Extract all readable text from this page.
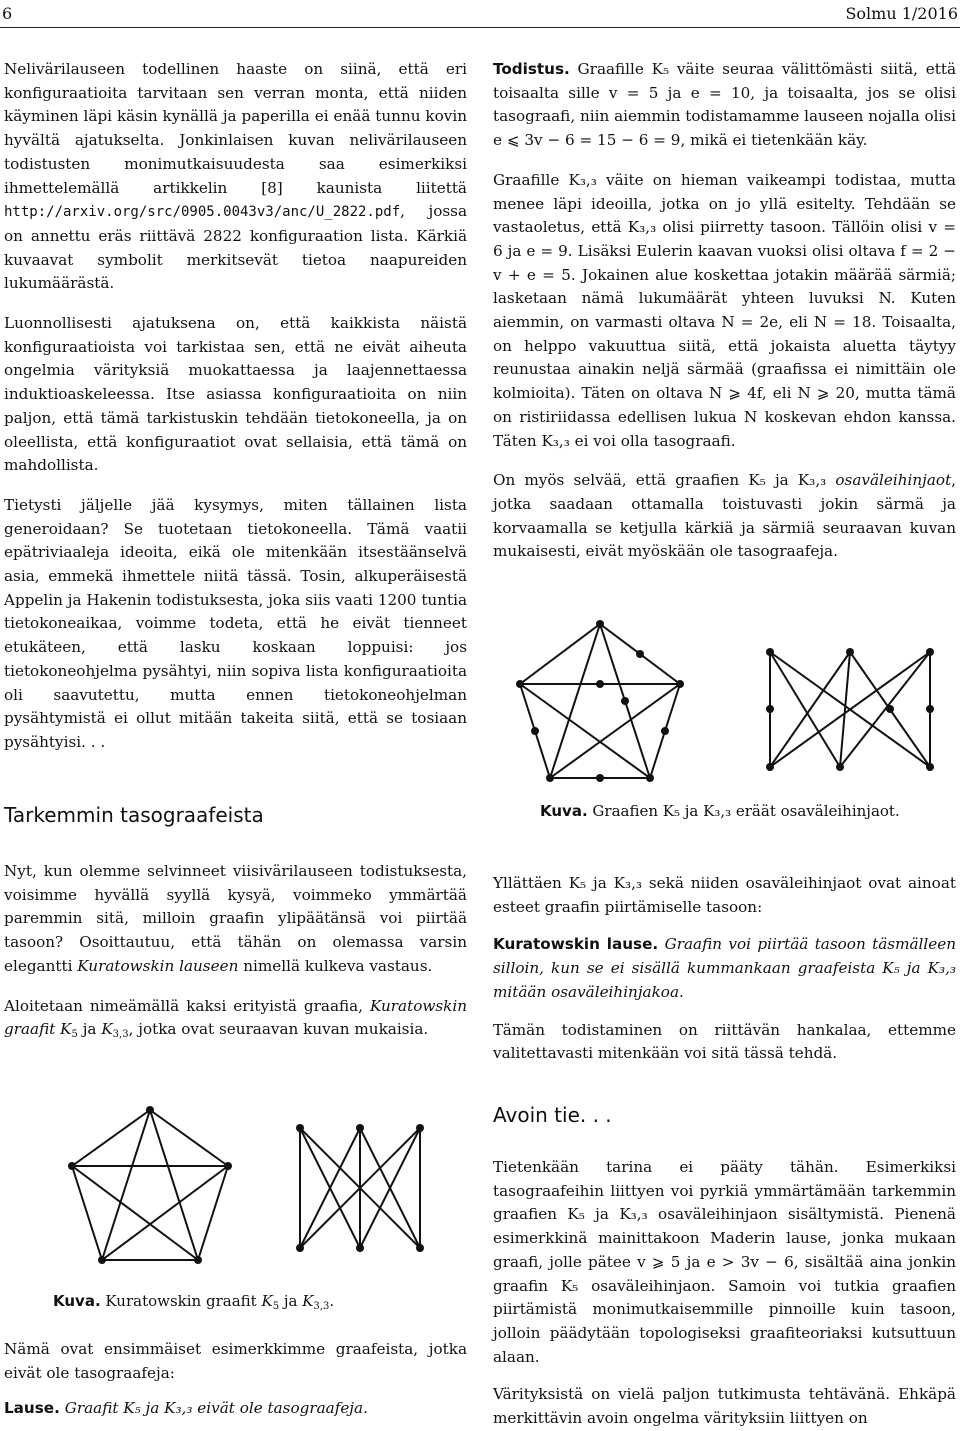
6	Solmu 1/2016

Nelivärilauseen todellinen haaste on siinä, että eri konfiguraatioita tarvitaan sen verran monta, että niiden käyminen läpi käsin kynällä ja paperilla ei enää tunnu kovin hyvältä ajatukselta. Jonkinlaisen kuvan nelivärilauseen todistusten monimutkaisuudesta saa esimerkiksi ihmettelemällä artikkelin [8] kaunista liitettä http://arxiv.org/src/0905.0043v3/anc/U_2822.pdf, jossa on annettu eräs riittävä 2822 konfiguraation lista. Kärkiä kuvaavat symbolit merkitsevät tietoa naapureiden lukumäärästä.

Luonnollisesti ajatuksena on, että kaikkista näistä konfiguraatioista voi tarkistaa sen, että ne eivät aiheuta ongelmia värityksiä muokattaessa ja laajennettaessa induktioaskeleessa. Itse asiassa konfiguraatioita on niin paljon, että tämä tarkistuskin tehdään tietokoneella, ja on oleellista, että konfiguraatiot ovat sellaisia, että tämä on mahdollista.

Tietysti jäljelle jää kysymys, miten tällainen lista generoidaan? Se tuotetaan tietokoneella. Tämä vaatii epätriviaaleja ideoita, eikä ole mitenkään itsestäänselvä asia, emmekä ihmettele niitä tässä. Tosin, alkuperäisestä Appelin ja Hakenin todistuksesta, joka siis vaati 1200 tuntia tietokoneaikaa, voimme todeta, että he eivät tienneet etukäteen, että lasku koskaan loppuisi: jos tietokoneohjelma pysähtyi, niin sopiva lista konfiguraatioita oli saavutettu, mutta ennen tietokoneohjelman pysähtymistä ei ollut mitään takeita siitä, että se tosiaan pysähtyisi. . .

Tarkemmin tasograafeista

Nyt, kun olemme selvinneet viisivärilauseen todistuksesta, voisimme hyvällä syyllä kysyä, voimmeko ymmärtää paremmin sitä, milloin graafin ylipäätänsä voi piirtää tasoon? Osoittautuu, että tähän on olemassa varsin elegantti Kuratowskin lauseen nimellä kulkeva vastaus.

Aloitetaan nimeämällä kaksi erityistä graafia, Kuratowskin graafit $K_5$ ja $K_{3,3}$, jotka ovat seuraavan kuvan mukaisia.

Kuva. Kuratowskin graafit $K_5$ ja $K_{3,3}$.

Nämä ovat ensimmäiset esimerkkimme graafeista, jotka eivät ole tasograafeja:

Lause. Graafit K₅ ja K₃,₃ eivät ole tasograafeja.

Todistus. Graafille K₅ väite seuraa välittömästi siitä, että toisaalta sille v = 5 ja e = 10, ja toisaalta, jos se olisi tasograafi, niin aiemmin todistamamme lauseen nojalla olisi e ⩽ 3v − 6 = 15 − 6 = 9, mikä ei tietenkään käy.

Graafille K₃,₃ väite on hieman vaikeampi todistaa, mutta menee läpi ideoilla, jotka on jo yllä esitelty. Tehdään se vastaoletus, että K₃,₃ olisi piirretty tasoon. Tällöin olisi v = 6 ja e = 9. Lisäksi Eulerin kaavan vuoksi olisi oltava f = 2 − v + e = 5. Jokainen alue koskettaa jotakin määrää särmiä; lasketaan nämä lukumäärät yhteen luvuksi N. Kuten aiemmin, on varmasti oltava N = 2e, eli N = 18. Toisaalta, on helppo vakuuttua siitä, että jokaista aluetta täytyy reunustaa ainakin neljä särmää (graafissa ei nimittäin ole kolmioita). Täten on oltava N ⩾ 4f, eli N ⩾ 20, mutta tämä on ristiriidassa edellisen lukua N koskevan ehdon kanssa. Täten K₃,₃ ei voi olla tasograafi.

On myös selvää, että graafien K₅ ja K₃,₃ osaväleihinjaot, jotka saadaan ottamalla toistuvasti jokin särmä ja korvaamalla se ketjulla kärkiä ja särmiä seuraavan kuvan mukaisesti, eivät myöskään ole tasograafeja.

Kuva. Graafien K₅ ja K₃,₃ eräät osaväleihinjaot.

Yllättäen K₅ ja K₃,₃ sekä niiden osaväleihinjaot ovat ainoat esteet graafin piirtämiselle tasoon:

Kuratowskin lause. Graafin voi piirtää tasoon täsmälleen silloin, kun se ei sisällä kummankaan graafeista K₅ ja K₃,₃ mitään osaväleihinjakoa.

Tämän todistaminen on riittävän hankalaa, ettemme valitettavasti mitenkään voi sitä tässä tehdä.

Avoin tie. . .

Tietenkään tarina ei pääty tähän. Esimerkiksi tasograafeihin liittyen voi pyrkiä ymmärtämään tarkemmin graafien K₅ ja K₃,₃ osaväleihinjaon sisältymistä. Pienenä esimerkkinä mainittakoon Maderin lause, jonka mukaan graafi, jolle pätee v ⩾ 5 ja e > 3v − 6, sisältää aina jonkin graafin K₅ osaväleihinjaon. Samoin voi tutkia graafien piirtämistä monimutkaisemmille pinnoille kuin tasoon, jolloin päädytään topologiseksi graafiteoriaksi kutsuttuun alaan.

Värityksistä on vielä paljon tutkimusta tehtävänä. Ehkäpä merkittävin avoin ongelma värityksiin liittyen on
